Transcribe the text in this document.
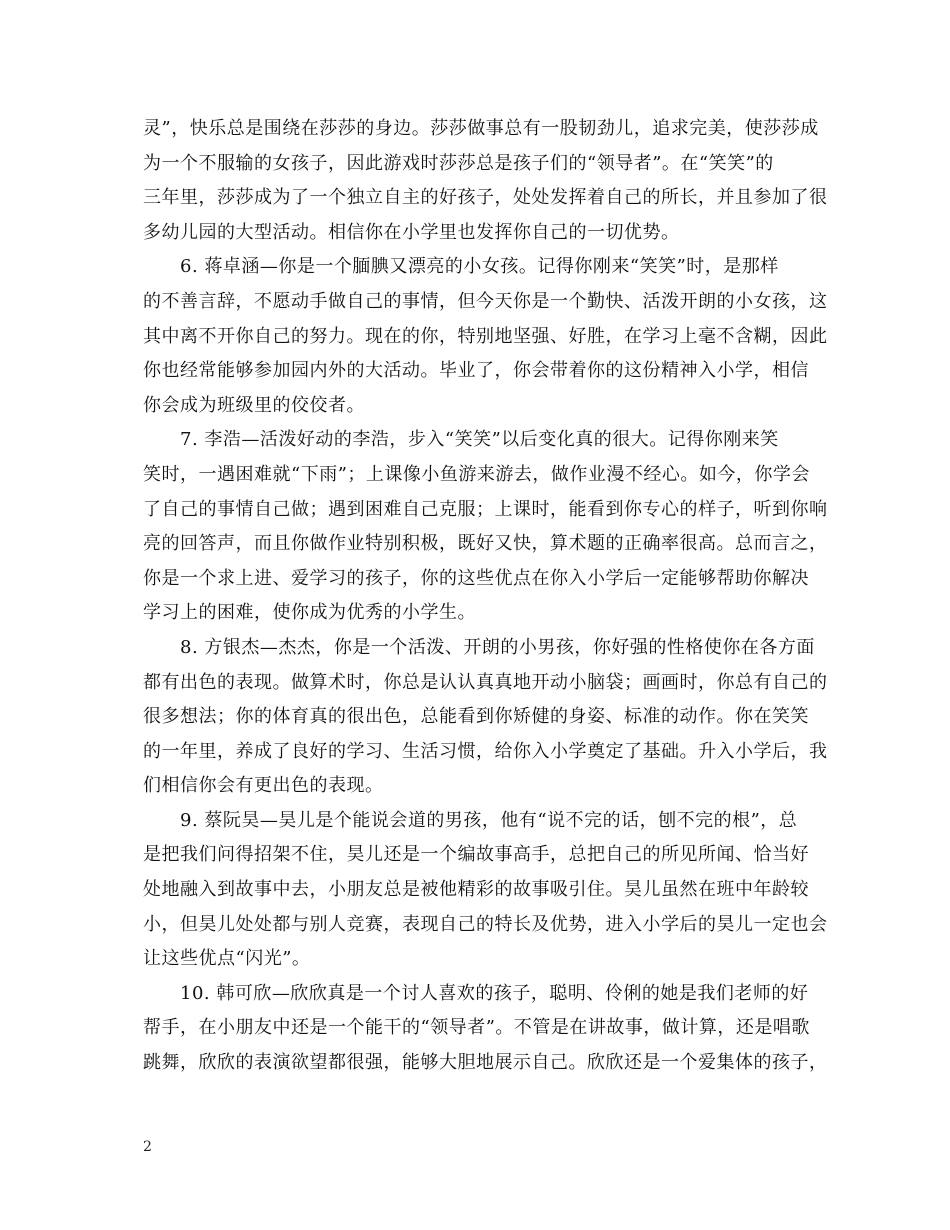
灵”，快乐总是围绕在莎莎的身边。莎莎做事总有一股韧劲儿，追求完美，使莎莎成
为一个不服输的女孩子，因此游戏时莎莎总是孩子们的“领导者”。在“笑笑”的
三年里，莎莎成为了一个独立自主的好孩子，处处发挥着自己的所长，并且参加了很
多幼儿园的大型活动。相信你在小学里也发挥你自己的一切优势。

6. 蒋卓涵—你是一个腼腆又漂亮的小女孩。记得你刚来“笑笑”时，是那样
的不善言辞，不愿动手做自己的事情，但今天你是一个勤快、活泼开朗的小女孩，这
其中离不开你自己的努力。现在的你，特别地坚强、好胜，在学习上毫不含糊，因此
你也经常能够参加园内外的大活动。毕业了，你会带着你的这份精神入小学，相信
你会成为班级里的佼佼者。

7. 李浩—活泼好动的李浩，步入“笑笑”以后变化真的很大。记得你刚来笑
笑时，一遇困难就“下雨”；上课像小鱼游来游去，做作业漫不经心。如今，你学会
了自己的事情自己做；遇到困难自己克服；上课时，能看到你专心的样子，听到你响
亮的回答声，而且你做作业特别积极，既好又快，算术题的正确率很高。总而言之，
你是一个求上进、爱学习的孩子，你的这些优点在你入小学后一定能够帮助你解决
学习上的困难，使你成为优秀的小学生。

8. 方银杰—杰杰，你是一个活泼、开朗的小男孩，你好强的性格使你在各方面
都有出色的表现。做算术时，你总是认认真真地开动小脑袋；画画时，你总有自己的
很多想法；你的体育真的很出色，总能看到你矫健的身姿、标准的动作。你在笑笑
的一年里，养成了良好的学习、生活习惯，给你入小学奠定了基础。升入小学后，我
们相信你会有更出色的表现。

9. 蔡阮昊—昊儿是个能说会道的男孩，他有“说不完的话，刨不完的根”，总
是把我们问得招架不住，昊儿还是一个编故事高手，总把自己的所见所闻、恰当好
处地融入到故事中去，小朋友总是被他精彩的故事吸引住。昊儿虽然在班中年龄较
小，但昊儿处处都与别人竞赛，表现自己的特长及优势，进入小学后的昊儿一定也会
让这些优点“闪光”。

10. 韩可欣—欣欣真是一个讨人喜欢的孩子，聪明、伶俐的她是我们老师的好
帮手，在小朋友中还是一个能干的“领导者”。不管是在讲故事，做计算，还是唱歌
跳舞，欣欣的表演欲望都很强，能够大胆地展示自己。欣欣还是一个爱集体的孩子，

2
